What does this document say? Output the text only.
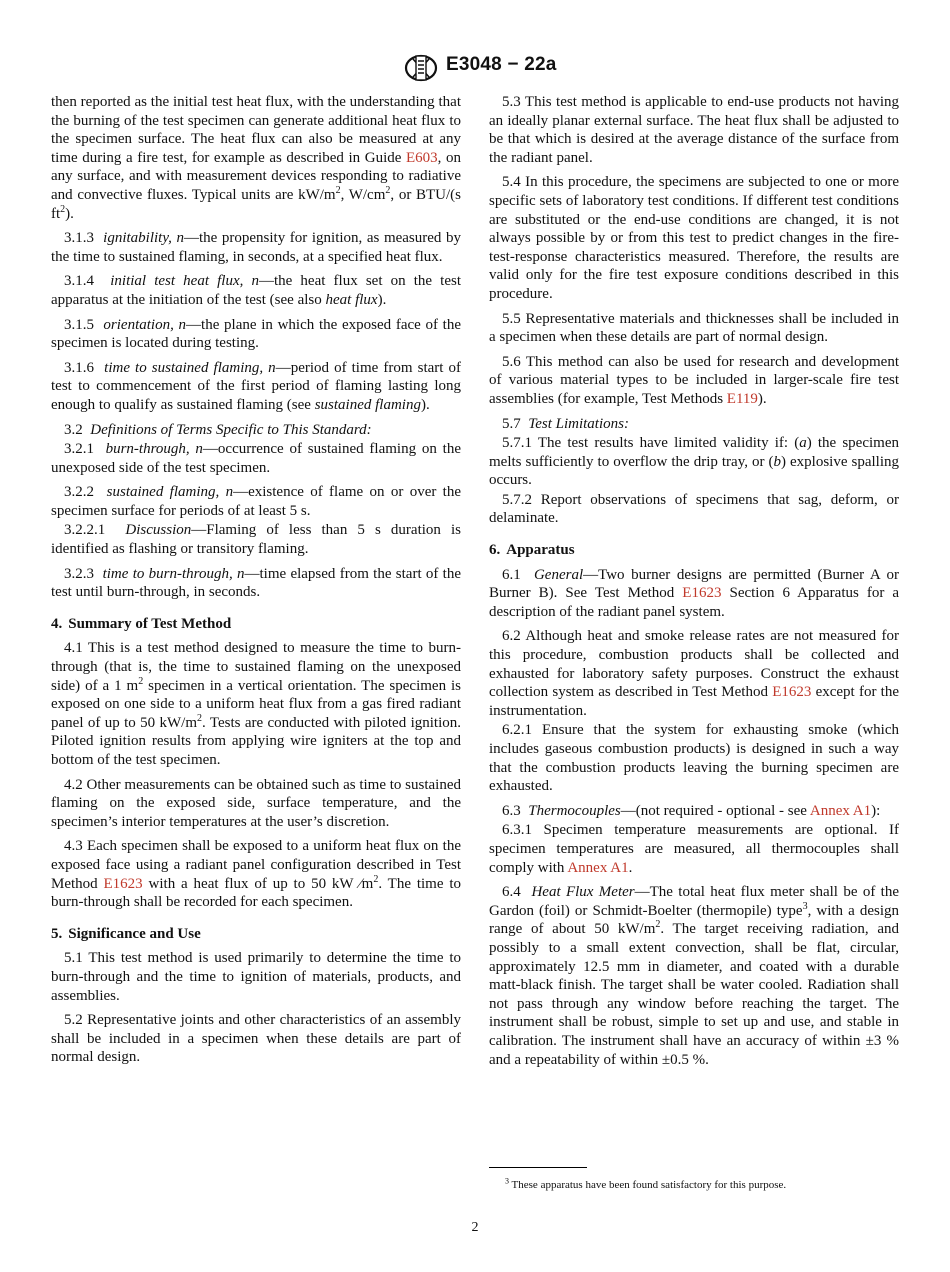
E3048 − 22a

then reported as the initial test heat flux, with the understanding that the burning of the test specimen can generate additional heat flux to the specimen surface. The heat flux can also be measured at any time during a fire test, for example as described in Guide E603, on any surface, and with measurement devices responding to radiative and convective fluxes. Typical units are $kW/m^2$, $W/cm^2$, or BTU/(s $ft^2$).

3.1.3 ignitability, n—the propensity for ignition, as measured by the time to sustained flaming, in seconds, at a specified heat flux.

3.1.4 initial test heat flux, n—the heat flux set on the test apparatus at the initiation of the test (see also heat flux).

3.1.5 orientation, n—the plane in which the exposed face of the specimen is located during testing.

3.1.6 time to sustained flaming, n—period of time from start of test to commencement of the first period of flaming lasting long enough to qualify as sustained flaming (see sustained flaming).

3.2 Definitions of Terms Specific to This Standard:

3.2.1 burn-through, n—occurrence of sustained flaming on the unexposed side of the test specimen.

3.2.2 sustained flaming, n—existence of flame on or over the specimen surface for periods of at least 5 s.

3.2.2.1 Discussion—Flaming of less than 5 s duration is identified as flashing or transitory flaming.

3.2.3 time to burn-through, n—time elapsed from the start of the test until burn-through, in seconds.

4. Summary of Test Method

4.1 This is a test method designed to measure the time to burn-through (that is, the time to sustained flaming on the unexposed side) of a 1 $m^2$ specimen in a vertical orientation. The specimen is exposed on one side to a uniform heat flux from a gas fired radiant panel of up to 50 $kW/m^2$. Tests are conducted with piloted ignition. Piloted ignition results from applying wire igniters at the top and bottom of the test specimen.

4.2 Other measurements can be obtained such as time to sustained flaming on the exposed side, surface temperature, and the specimen’s interior temperatures at the user’s discretion.

4.3 Each specimen shall be exposed to a uniform heat flux on the exposed face using a radiant panel configuration described in Test Method E1623 with a heat flux of up to 50 kW $⁄m^2$. The time to burn-through shall be recorded for each specimen.

5. Significance and Use

5.1 This test method is used primarily to determine the time to burn-through and the time to ignition of materials, products, and assemblies.

5.2 Representative joints and other characteristics of an assembly shall be included in a specimen when these details are part of normal design.

5.3 This test method is applicable to end-use products not having an ideally planar external surface. The heat flux shall be adjusted to be that which is desired at the average distance of the surface from the radiant panel.

5.4 In this procedure, the specimens are subjected to one or more specific sets of laboratory test conditions. If different test conditions are substituted or the end-use conditions are changed, it is not always possible by or from this test to predict changes in the fire-test-response characteristics measured. Therefore, the results are valid only for the fire test exposure conditions described in this procedure.

5.5 Representative materials and thicknesses shall be included in a specimen when these details are part of normal design.

5.6 This method can also be used for research and development of various material types to be included in larger-scale fire test assemblies (for example, Test Methods E119).

5.7 Test Limitations:

5.7.1 The test results have limited validity if: (a) the specimen melts sufficiently to overflow the drip tray, or (b) explosive spalling occurs.

5.7.2 Report observations of specimens that sag, deform, or delaminate.

6. Apparatus

6.1 General—Two burner designs are permitted (Burner A or Burner B). See Test Method E1623 Section 6 Apparatus for a description of the radiant panel system.

6.2 Although heat and smoke release rates are not measured for this procedure, combustion products shall be collected and exhausted for laboratory safety purposes. Construct the exhaust collection system as described in Test Method E1623 except for the instrumentation.

6.2.1 Ensure that the system for exhausting smoke (which includes gaseous combustion products) is designed in such a way that the combustion products leaving the burning specimen are exhausted.

6.3 Thermocouples—(not required - optional - see Annex A1):

6.3.1 Specimen temperature measurements are optional. If specimen temperatures are measured, all thermocouples shall comply with Annex A1.

6.4 Heat Flux Meter—The total heat flux meter shall be of the Gardon (foil) or Schmidt-Boelter (thermopile) type$^3$, with a design range of about 50 $kW/m^2$. The target receiving radiation, and possibly to a small extent convection, shall be flat, circular, approximately 12.5 mm in diameter, and coated with a durable matt-black finish. The target shall be water cooled. Radiation shall not pass through any window before reaching the target. The instrument shall be robust, simple to set up and use, and stable in calibration. The instrument shall have an accuracy of within ±3 % and a repeatability of within ±0.5 %.

$^3$ These apparatus have been found satisfactory for this purpose.
2
